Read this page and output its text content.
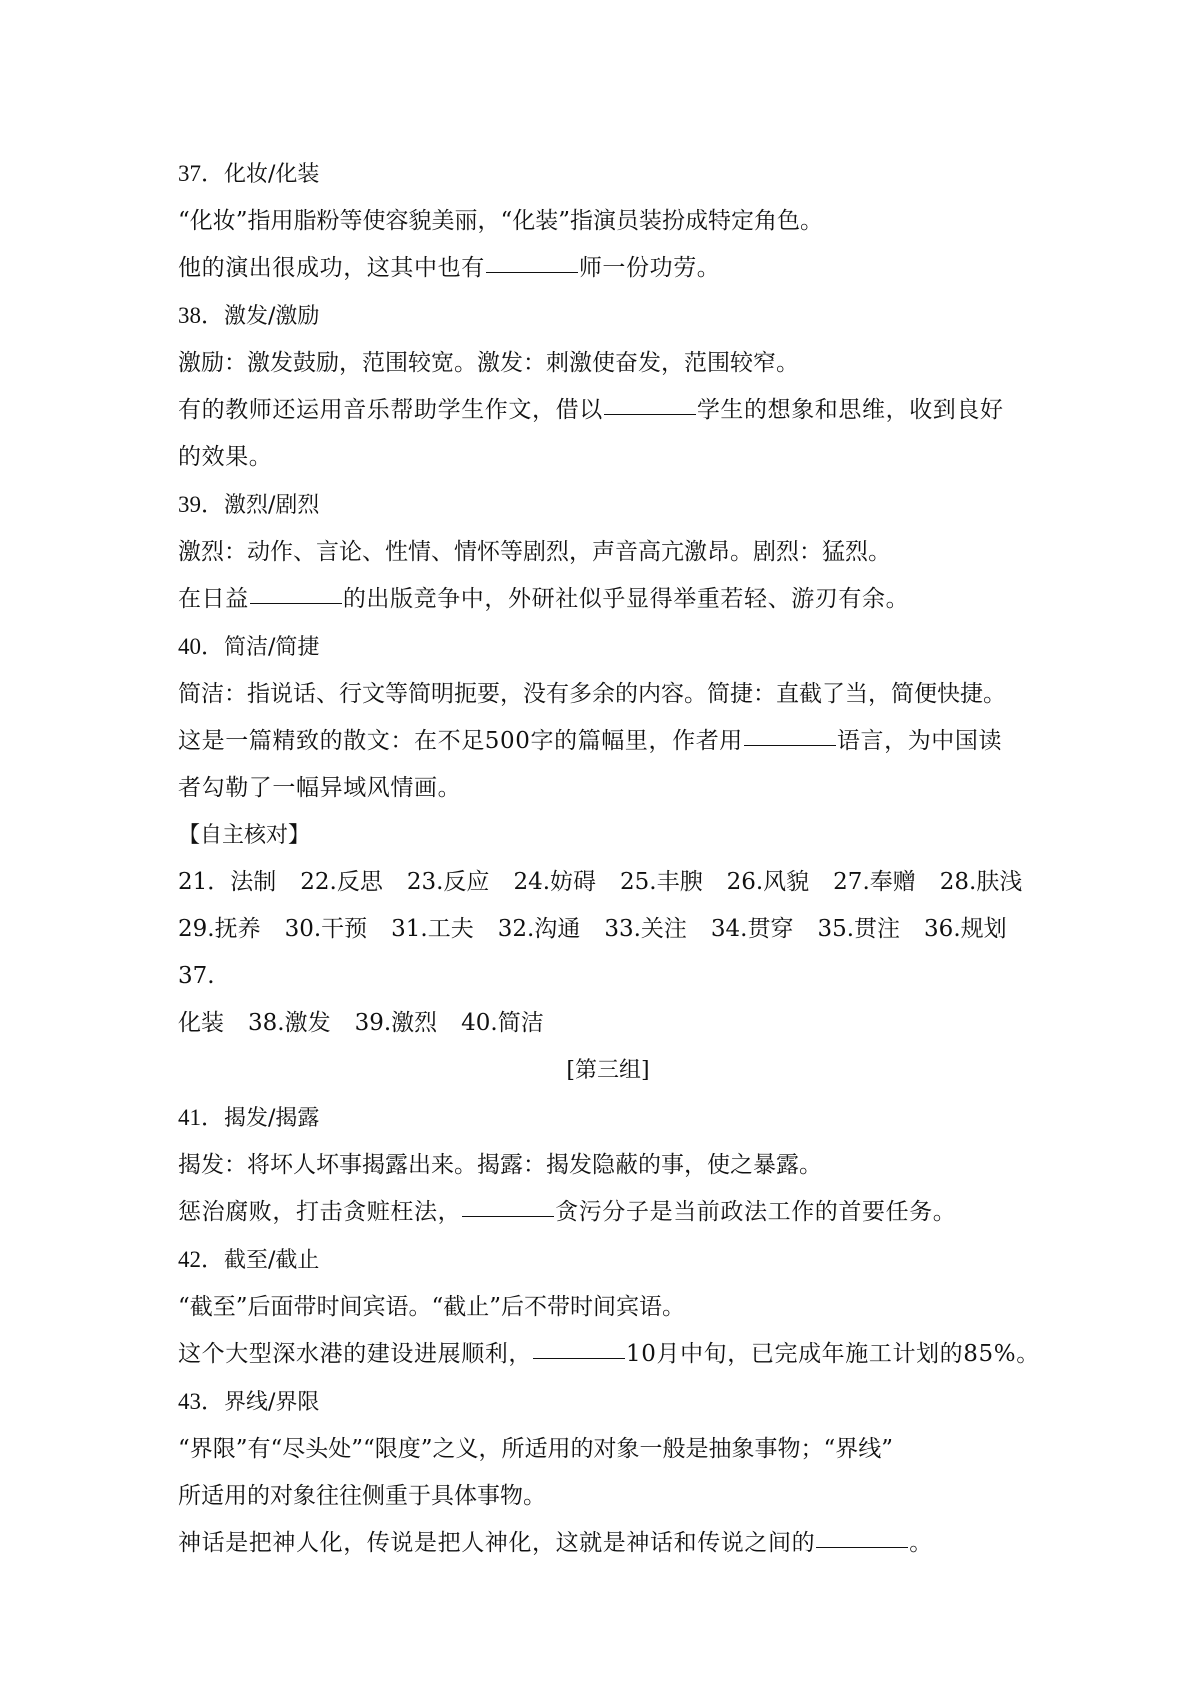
37．化妆/化装
“化妆”指用脂粉等使容貌美丽，“化装”指演员装扮成特定角色。
他的演出很成功，这其中也有	师一份功劳。
38．激发/激励
激励：激发鼓励，范围较宽。激发：刺激使奋发，范围较窄。
有的教师还运用音乐帮助学生作文，借以	学生的想象和思维，收到良好
的效果。
39．激烈/剧烈
激烈：动作、言论、性情、情怀等剧烈，声音高亢激昂。剧烈：猛烈。
在日益	的出版竞争中，外研社似乎显得举重若轻、游刃有余。
40．简洁/简捷
简洁：指说话、行文等简明扼要，没有多余的内容。简捷：直截了当，简便快捷。
这是一篇精致的散文：在不足500字的篇幅里，作者用	语言，为中国读
者勾勒了一幅异域风情画。
【自主核对】
21．法制 22.反思 23.反应 24.妨碍 25.丰腴 26.风貌 27.奉赠 28.肤浅
29.抚养 30.干预 31.工夫 32.沟通 33.关注 34.贯穿 35.贯注 36.规划37.
化装 38.激发 39.激烈 40.简洁
[第三组]
41．揭发/揭露
揭发：将坏人坏事揭露出来。揭露：揭发隐蔽的事，使之暴露。
惩治腐败，打击贪赃枉法，	贪污分子是当前政法工作的首要任务。
42．截至/截止
“截至”后面带时间宾语。“截止”后不带时间宾语。
这个大型深水港的建设进展顺利，	10月中旬，已完成年施工计划的85%。
43．界线/界限
“界限”有“尽头处”“限度”之义，所适用的对象一般是抽象事物；“界线”
所适用的对象往往侧重于具体事物。
神话是把神人化，传说是把人神化，这就是神话和传说之间的	。
